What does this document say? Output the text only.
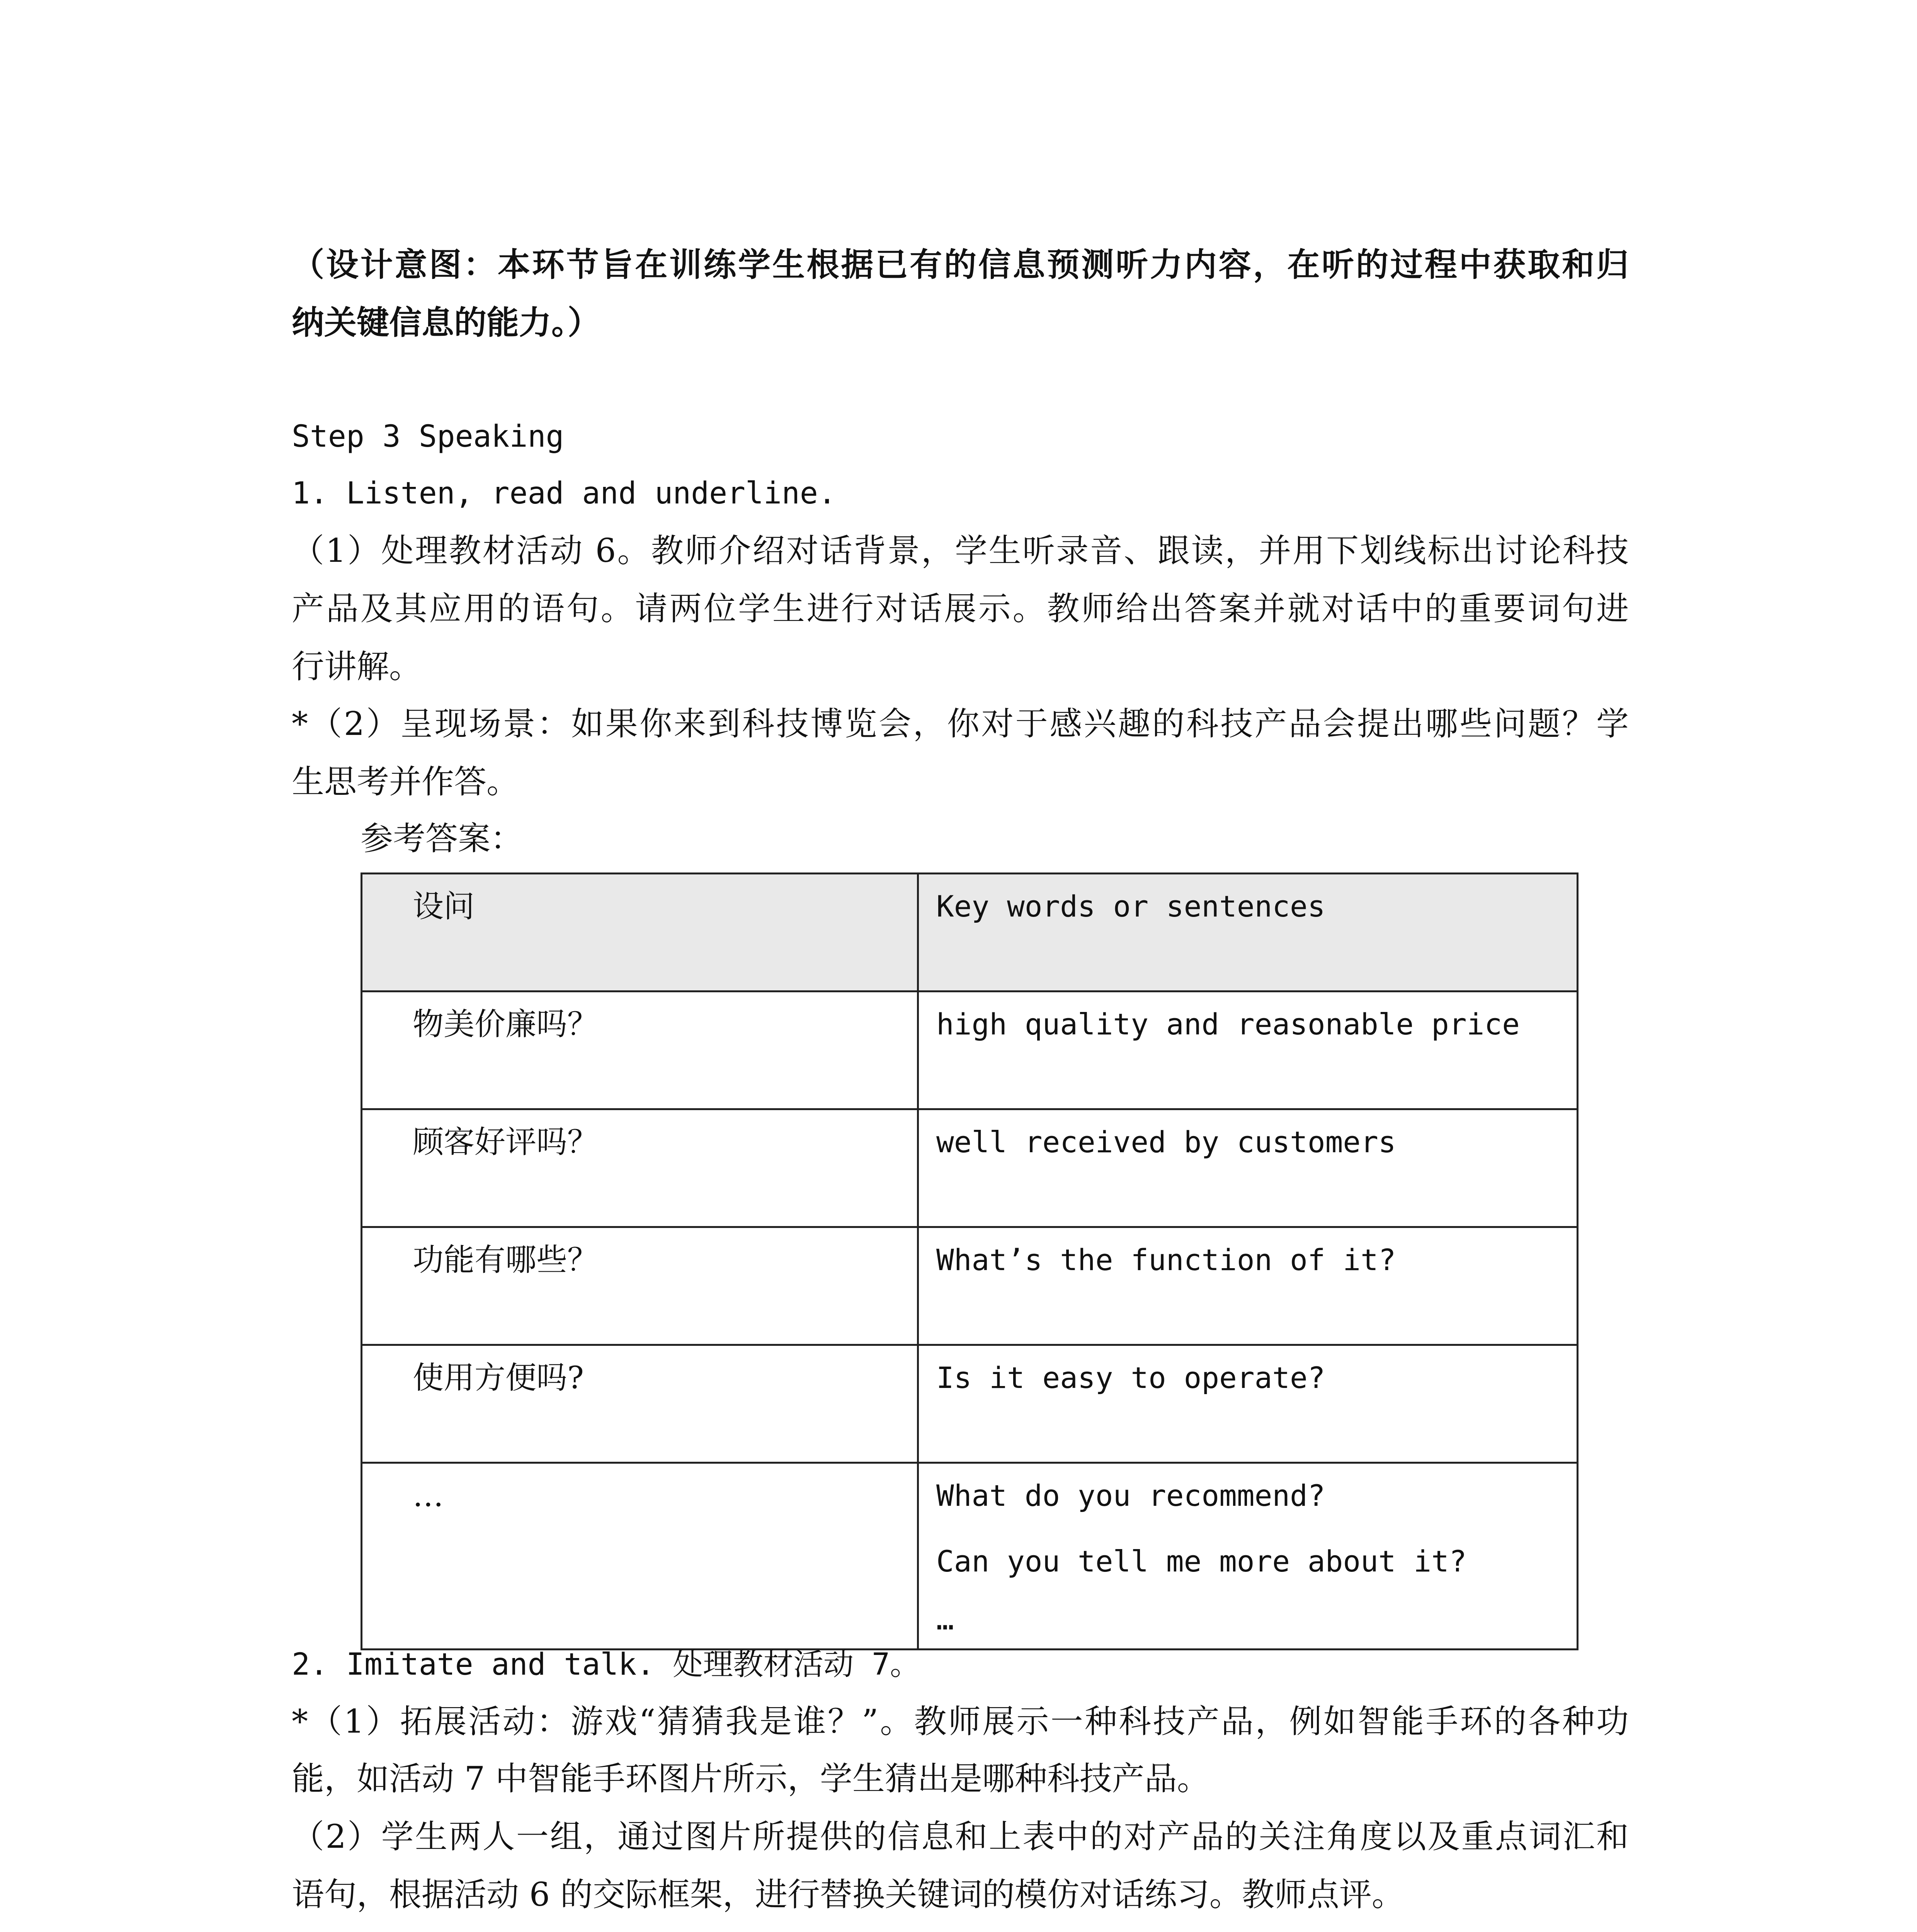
（设计意图：本环节旨在训练学生根据已有的信息预测听力内容，在听的过程中获取和归
纳关键信息的能力。）
Step 3 Speaking
1. Listen, read and underline.
（1）处理教材活动 6。教师介绍对话背景，学生听录音、跟读，并用下划线标出讨论科技
产品及其应用的语句。请两位学生进行对话展示。教师给出答案并就对话中的重要词句进
行讲解。
*（2）呈现场景：如果你来到科技博览会，你对于感兴趣的科技产品会提出哪些问题？学
生思考并作答。
参考答案：
设问	Key words or sentences

物美价廉吗？	high quality and reasonable price

顾客好评吗？	well received by customers

功能有哪些？	What’s the function of it?

使用方便吗?	Is it easy to operate?

…	What do you recommend?
Can you tell me more about it?
…
2. Imitate and talk. 处理教材活动 7。
*（1）拓展活动：游戏“猜猜我是谁？”。教师展示一种科技产品，例如智能手环的各种功
能，如活动 7 中智能手环图片所示，学生猜出是哪种科技产品。
（2）学生两人一组，通过图片所提供的信息和上表中的对产品的关注角度以及重点词汇和
语句，根据活动 6 的交际框架，进行替换关键词的模仿对话练习。教师点评。
